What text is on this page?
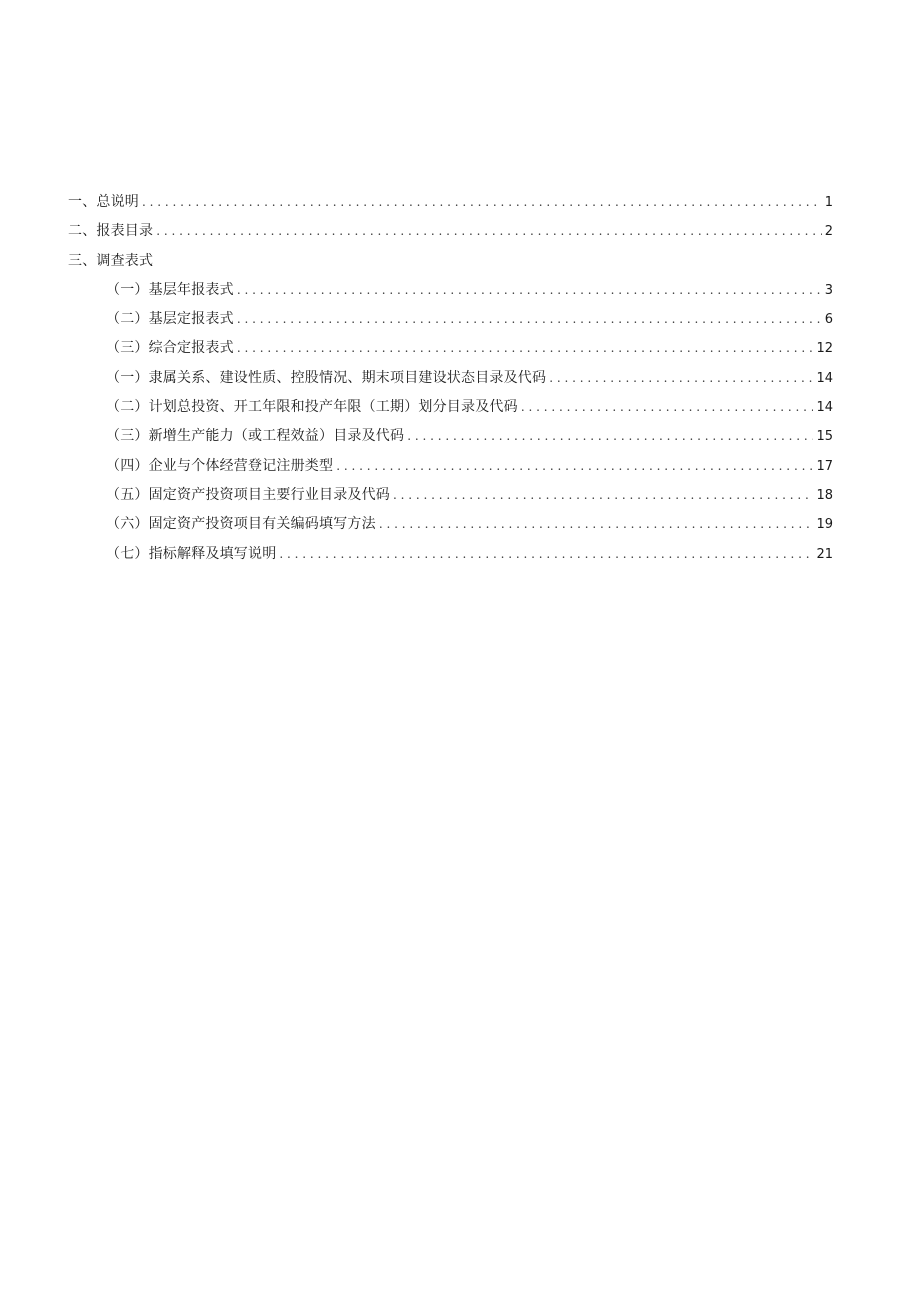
一、总说明 . . .	1
二、报表目录 . . .	2
三、调查表式
（一）基层年报表式 . . .	3
（二）基层定报表式 . . .	6
（三）综合定报表式 . . .	12
（一）隶属关系、建设性质、控股情况、期末项目建设状态目录及代码 . . .	14
（二）计划总投资、开工年限和投产年限（工期）划分目录及代码 . . .	14
（三）新增生产能力（或工程效益）目录及代码 . . .	15
（四）企业与个体经营登记注册类型 . . .	17
（五）固定资产投资项目主要行业目录及代码 . . .	18
（六）固定资产投资项目有关编码填写方法 . . .	19
（七）指标解释及填写说明 . . .	21
